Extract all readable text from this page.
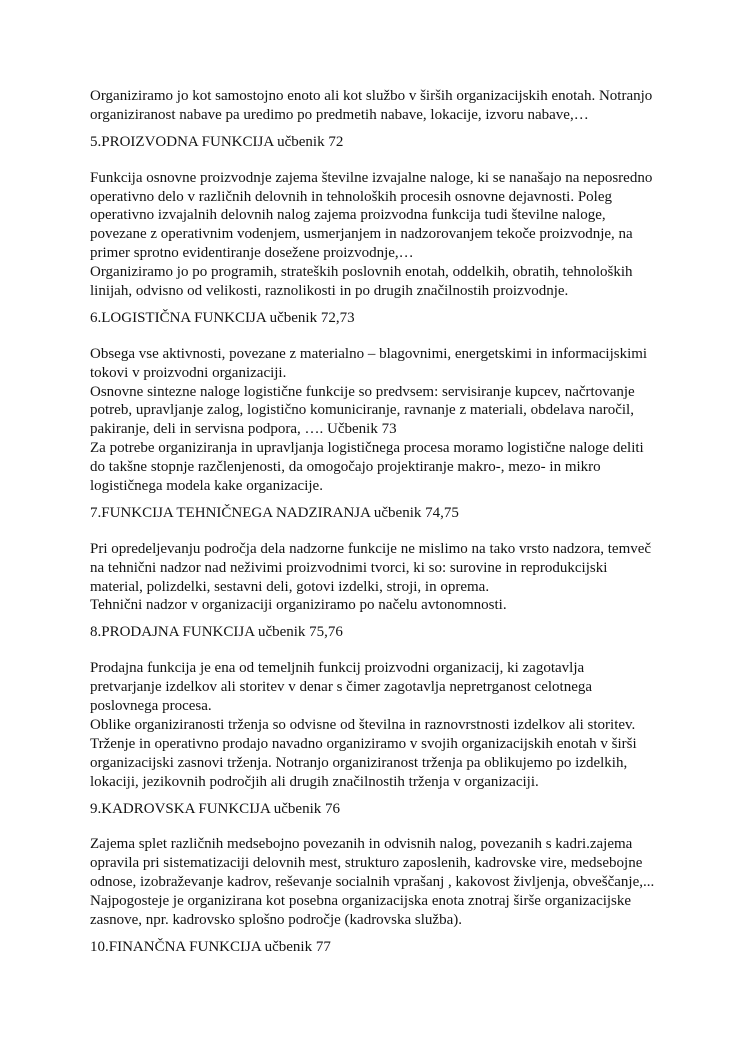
Organiziramo jo kot samostojno enoto ali kot službo v širših organizacijskih enotah. Notranjo
organiziranost nabave pa uredimo po predmetih nabave, lokacije, izvoru nabave,…
5.PROIZVODNA FUNKCIJA učbenik 72
Funkcija osnovne proizvodnje zajema številne izvajalne naloge, ki se nanašajo na neposredno
operativno delo v različnih delovnih in tehnoloških procesih osnovne dejavnosti. Poleg
operativno izvajalnih delovnih nalog zajema proizvodna funkcija tudi številne naloge,
povezane z operativnim vodenjem, usmerjanjem in nadzorovanjem tekoče proizvodnje, na
primer sprotno evidentiranje dosežene proizvodnje,…
Organiziramo jo po programih, strateških poslovnih enotah, oddelkih, obratih, tehnoloških
linijah, odvisno od velikosti, raznolikosti in po drugih značilnostih proizvodnje.
6.LOGISTIČNA FUNKCIJA učbenik 72,73
Obsega vse aktivnosti, povezane z materialno – blagovnimi, energetskimi in informacijskimi
tokovi v proizvodni organizaciji.
Osnovne sintezne naloge logistične funkcije so predvsem: servisiranje kupcev, načrtovanje
potreb, upravljanje zalog, logistično komuniciranje, ravnanje z materiali, obdelava naročil,
pakiranje, deli in servisna podpora, …. Učbenik 73
Za potrebe organiziranja in upravljanja logističnega procesa moramo logistične naloge deliti
do takšne stopnje razčlenjenosti, da omogočajo projektiranje makro-, mezo- in mikro
logističnega modela kake organizacije.
7.FUNKCIJA TEHNIČNEGA NADZIRANJA učbenik 74,75
Pri opredeljevanju področja dela nadzorne funkcije ne mislimo na tako vrsto nadzora, temveč
na tehnični nadzor nad neživimi proizvodnimi tvorci, ki so: surovine in reprodukcijski
material, polizdelki, sestavni deli, gotovi izdelki, stroji, in oprema.
Tehnični nadzor v organizaciji organiziramo po načelu avtonomnosti.
8.PRODAJNA FUNKCIJA učbenik 75,76
Prodajna funkcija je ena od temeljnih funkcij proizvodni organizacij, ki zagotavlja
pretvarjanje izdelkov ali storitev v denar s čimer zagotavlja nepretrganost celotnega
poslovnega procesa.
Oblike organiziranosti trženja so odvisne od številna in raznovrstnosti izdelkov ali storitev.
Trženje in operativno prodajo navadno organiziramo v svojih organizacijskih enotah v širši
organizacijski zasnovi trženja. Notranjo organiziranost trženja pa oblikujemo po izdelkih,
lokaciji, jezikovnih področjih ali drugih značilnostih trženja v organizaciji.
9.KADROVSKA FUNKCIJA učbenik 76
Zajema splet različnih medsebojno povezanih in odvisnih nalog, povezanih s kadri.zajema
opravila pri sistematizaciji delovnih mest, strukturo zaposlenih, kadrovske vire, medsebojne
odnose, izobraževanje kadrov, reševanje socialnih vprašanj , kakovost življenja, obveščanje,...
Najpogosteje je organizirana kot posebna organizacijska enota znotraj širše organizacijske
zasnove, npr. kadrovsko splošno področje (kadrovska služba).
10.FINANČNA FUNKCIJA učbenik 77
